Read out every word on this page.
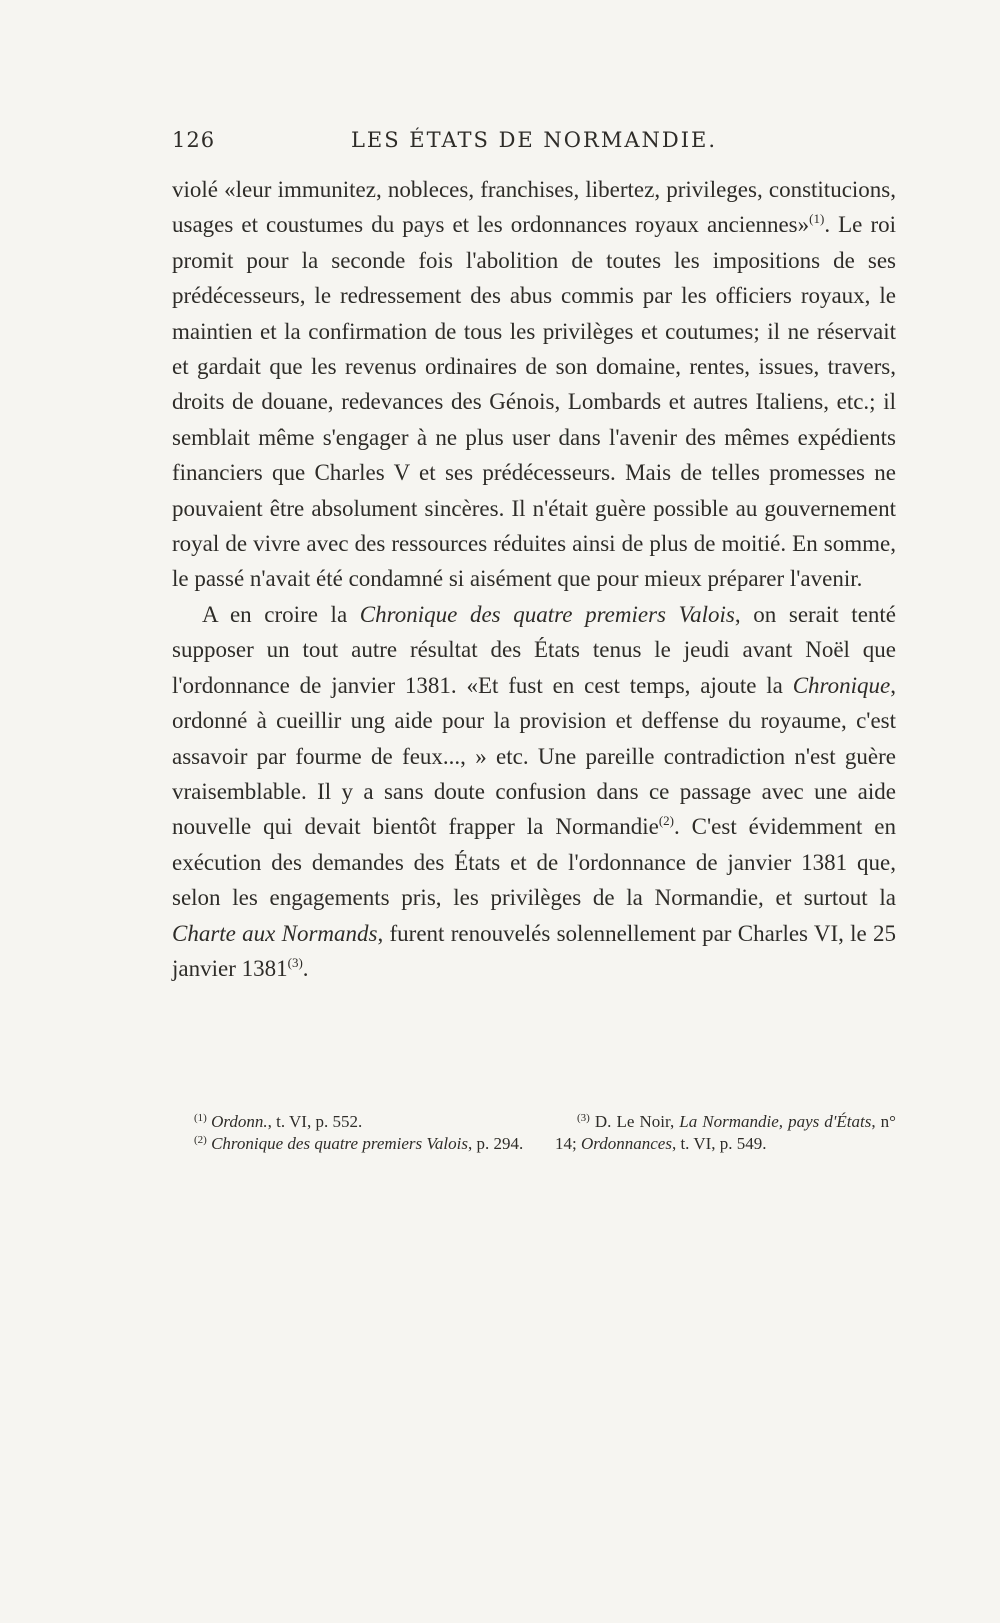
126	LES ÉTATS DE NORMANDIE.

violé «leur immunitez, nobleces, franchises, libertez, privileges, constitucions, usages et coustumes du pays et les ordonnances royaux anciennes»$^{(1)}$. Le roi promit pour la seconde fois l'abolition de toutes les impositions de ses prédécesseurs, le redressement des abus commis par les officiers royaux, le maintien et la confirmation de tous les privilèges et coutumes; il ne réservait et gardait que les revenus ordinaires de son domaine, rentes, issues, travers, droits de douane, redevances des Génois, Lombards et autres Italiens, etc.; il semblait même s'engager à ne plus user dans l'avenir des mêmes expédients financiers que Charles V et ses prédécesseurs. Mais de telles promesses ne pouvaient être absolument sincères. Il n'était guère possible au gouvernement royal de vivre avec des ressources réduites ainsi de plus de moitié. En somme, le passé n'avait été condamné si aisément que pour mieux préparer l'avenir.

A en croire la Chronique des quatre premiers Valois, on serait tenté supposer un tout autre résultat des États tenus le jeudi avant Noël que l'ordonnance de janvier 1381. «Et fust en cest temps, ajoute la Chronique, ordonné à cueillir ung aide pour la provision et deffense du royaume, c'est assavoir par fourme de feux..., » etc. Une pareille contradiction n'est guère vraisemblable. Il y a sans doute confusion dans ce passage avec une aide nouvelle qui devait bientôt frapper la Normandie$^{(2)}$. C'est évidemment en exécution des demandes des États et de l'ordonnance de janvier 1381 que, selon les engagements pris, les privilèges de la Normandie, et surtout la Charte aux Normands, furent renouvelés solennellement par Charles VI, le 25 janvier 1381$^{(3)}$.

$^{(1)}$ Ordonn., t. VI, p. 552.

$^{(2)}$ Chronique des quatre premiers Valois, p. 294.

$^{(3)}$ D. Le Noir, La Normandie, pays d'États, n° 14; Ordonnances, t. VI, p. 549.
